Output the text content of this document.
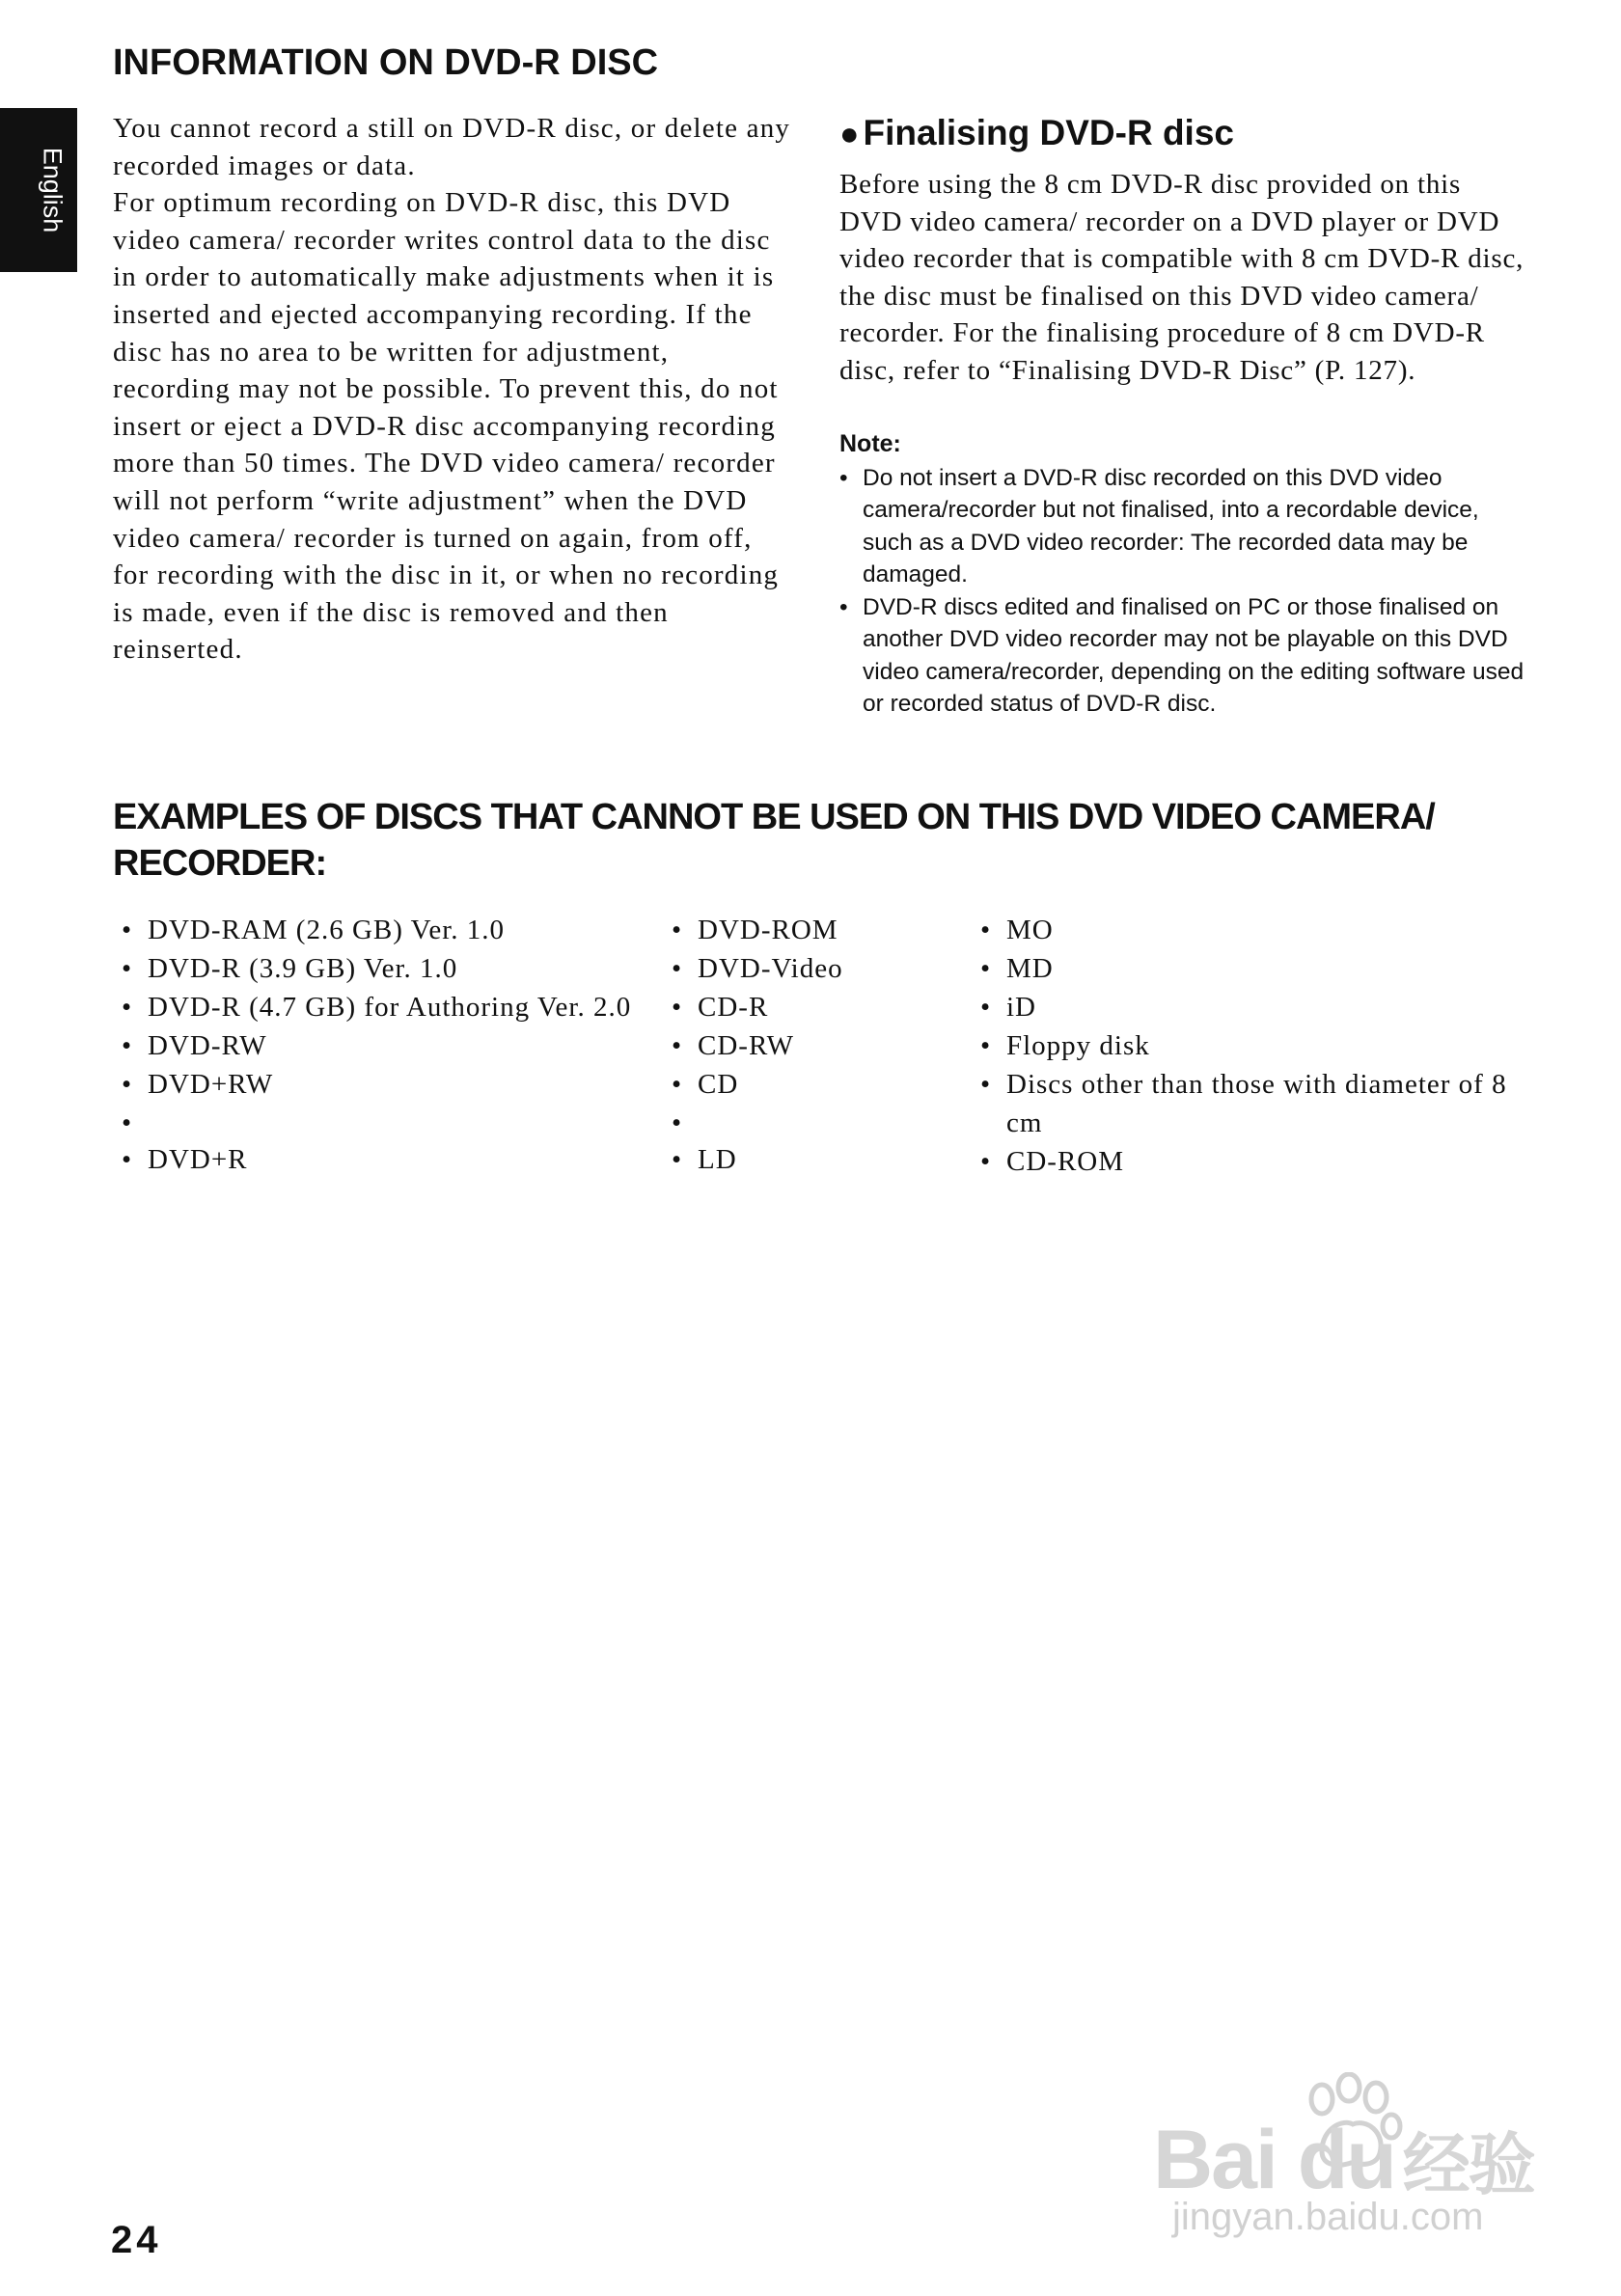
INFORMATION ON DVD-R DISC
English

You cannot record a still on DVD-R disc, or delete any recorded images or data.

For optimum recording on DVD-R disc, this DVD video camera/ recorder writes control data to the disc in order to automatically make adjustments when it is inserted and ejected accompanying recording. If the disc has no area to be written for adjustment, recording may not be possible. To prevent this, do not insert or eject a DVD-R disc accompanying recording more than 50 times. The DVD video camera/ recorder will not perform “write adjustment” when the DVD video camera/ recorder is turned on again, from off, for recording with the disc in it, or when no recording is made, even if the disc is removed and then reinserted.

● Finalising DVD-R disc

Before using the 8 cm DVD-R disc provided on this DVD video camera/ recorder on a DVD player or DVD video recorder that is compatible with 8 cm DVD-R disc, the disc must be finalised on this DVD video camera/ recorder. For the finalising procedure of 8 cm DVD-R disc, refer to “Finalising DVD-R Disc” (P. 127).

Note:

• Do not insert a DVD-R disc recorded on this DVD video camera/recorder but not finalised, into a recordable device, such as a DVD video recorder: The recorded data may be damaged.
• DVD-R discs edited and finalised on PC or those finalised on another DVD video recorder may not be playable on this DVD video camera/recorder, depending on the editing software used or recorded status of DVD-R disc.
EXAMPLES OF DISCS THAT CANNOT BE USED ON THIS DVD VIDEO CAMERA/ RECORDER:
• DVD-RAM (2.6 GB) Ver. 1.0
• DVD-R (3.9 GB) Ver. 1.0
• DVD-R (4.7 GB) for Authoring Ver. 2.0
• DVD-RW
• DVD+RW
•
• DVD+R
• DVD-ROM
• DVD-Video
• CD-R
• CD-RW
• CD
•
• LD
• MO
• MD
• iD
• Floppy disk
• Discs other than those with diameter of 8 cm
• CD-ROM
24
Bai du 经验
jingyan.baidu.com
